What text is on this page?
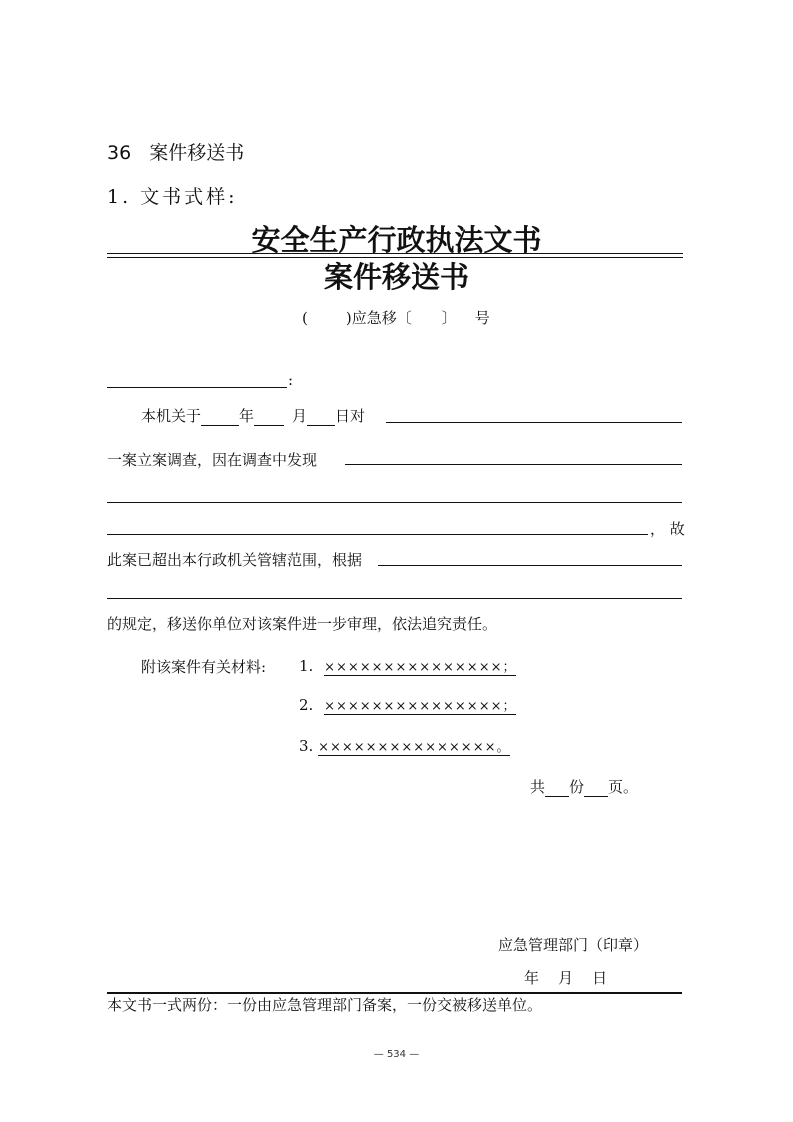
36 案件移送书
1. 文书式样:
安全生产行政执法文书
案件移送书
(	)应急移〔 〕 号
:
本机关于	年	月 日对
一案立案调查，因在调查中发现
， 故
此案已超出本行政机关管辖范围，根据
的规定，移送你单位对该案件进一步审理，依法追究责任。
附该案件有关材料: 1. ×××××××××××××××；
2. ×××××××××××××××；
3. ×××××××××××××××。
共 份 页。
应急管理部门（印章）
年    月    日
本文书一式两份：一份由应急管理部门备案，一份交被移送单位。
— 534 —
